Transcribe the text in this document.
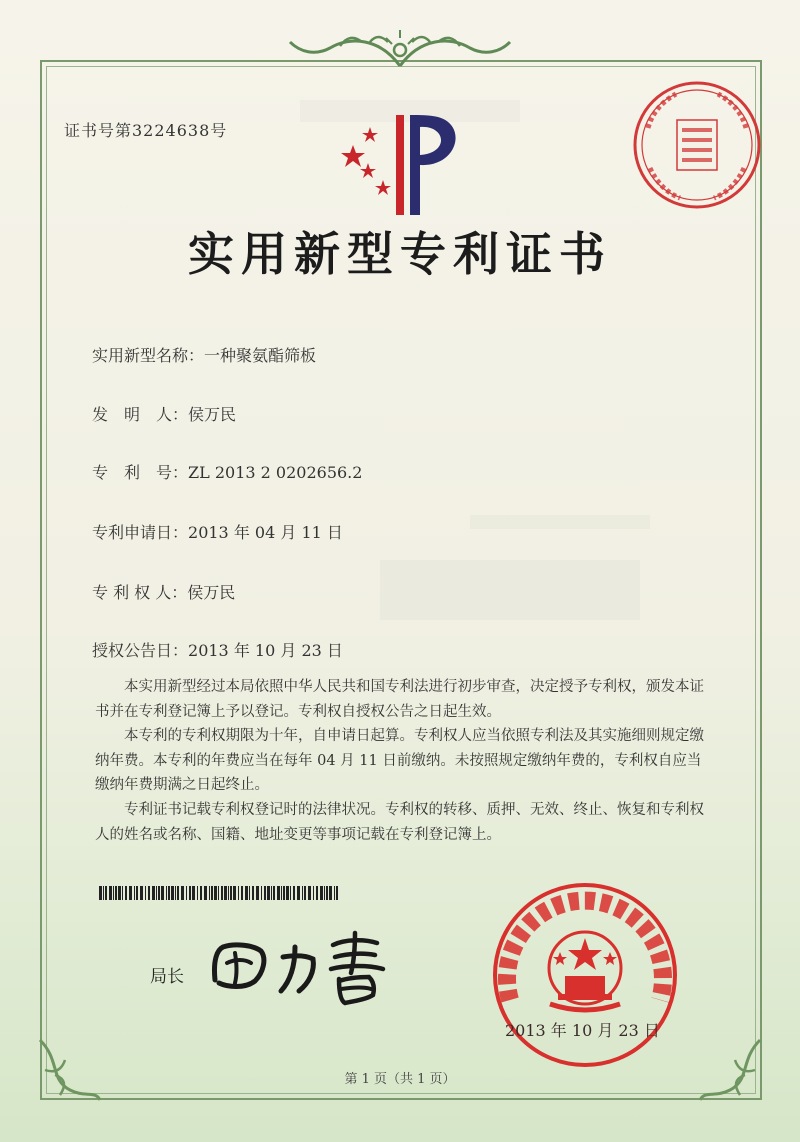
证书号第3224638号
实用新型专利证书
实用新型名称：一种聚氨酯筛板
发　明　人：侯万民
专　利　号：ZL 2013 2 0202656.2
专利申请日：2013 年 04 月 11 日
专 利 权 人：侯万民
授权公告日：2013 年 10 月 23 日

本实用新型经过本局依照中华人民共和国专利法进行初步审查，决定授予专利权，颁发本证书并在专利登记簿上予以登记。专利权自授权公告之日起生效。

本专利的专利权期限为十年，自申请日起算。专利权人应当依照专利法及其实施细则规定缴纳年费。本专利的年费应当在每年 04 月 11 日前缴纳。未按照规定缴纳年费的，专利权自应当缴纳年费期满之日起终止。

专利证书记载专利权登记时的法律状况。专利权的转移、质押、无效、终止、恢复和专利权人的姓名或名称、国籍、地址变更等事项记载在专利登记簿上。

局长
2013 年 10 月 23 日
第 1 页（共 1 页）
